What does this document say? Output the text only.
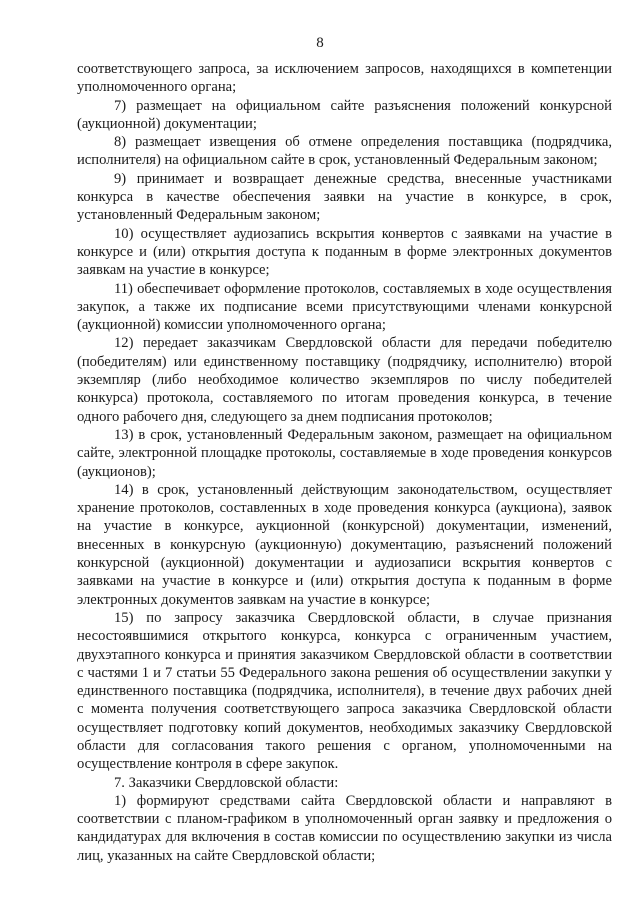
8

соответствующего запроса, за исключением запросов, находящихся в компетенции уполномоченного органа;

7) размещает на официальном сайте разъяснения положений конкурсной (аукционной) документации;

8) размещает извещения об отмене определения поставщика (подрядчика, исполнителя) на официальном сайте в срок, установленный Федеральным законом;

9) принимает и возвращает денежные средства, внесенные участниками конкурса в качестве обеспечения заявки на участие в конкурсе, в срок, установленный Федеральным законом;

10) осуществляет аудиозапись вскрытия конвертов с заявками на участие в конкурсе и (или) открытия доступа к поданным в форме электронных документов заявкам на участие в конкурсе;

11) обеспечивает оформление протоколов, составляемых в ходе осуществления закупок, а также их подписание всеми присутствующими членами конкурсной (аукционной) комиссии уполномоченного органа;

12) передает заказчикам Свердловской области для передачи победителю (победителям) или единственному поставщику (подрядчику, исполнителю) второй экземпляр (либо необходимое количество экземпляров по числу победителей конкурса) протокола, составляемого по итогам проведения конкурса, в течение одного рабочего дня, следующего за днем подписания протоколов;

13) в срок, установленный Федеральным законом, размещает на официальном сайте, электронной площадке протоколы, составляемые в ходе проведения конкурсов (аукционов);

14) в срок, установленный действующим законодательством, осуществляет хранение протоколов, составленных в ходе проведения конкурса (аукциона), заявок на участие в конкурсе, аукционной (конкурсной) документации, изменений, внесенных в конкурсную (аукционную) документацию, разъяснений положений конкурсной (аукционной) документации и аудиозаписи вскрытия конвертов с заявками на участие в конкурсе и (или) открытия доступа к поданным в форме электронных документов заявкам на участие в конкурсе;

15) по запросу заказчика Свердловской области, в случае признания несостоявшимися открытого конкурса, конкурса с ограниченным участием, двухэтапного конкурса и принятия заказчиком Свердловской области в соответствии с частями 1 и 7 статьи 55 Федерального закона решения об осуществлении закупки у единственного поставщика (подрядчика, исполнителя), в течение двух рабочих дней с момента получения соответствующего запроса заказчика Свердловской области осуществляет подготовку копий документов, необходимых заказчику Свердловской области для согласования такого решения с органом, уполномоченными на осуществление контроля в сфере закупок.

7. Заказчики Свердловской области:

1) формируют средствами сайта Свердловской области и направляют в соответствии с планом-графиком в уполномоченный орган заявку и предложения о кандидатурах для включения в состав комиссии по осуществлению закупки из числа лиц, указанных на сайте Свердловской области;
